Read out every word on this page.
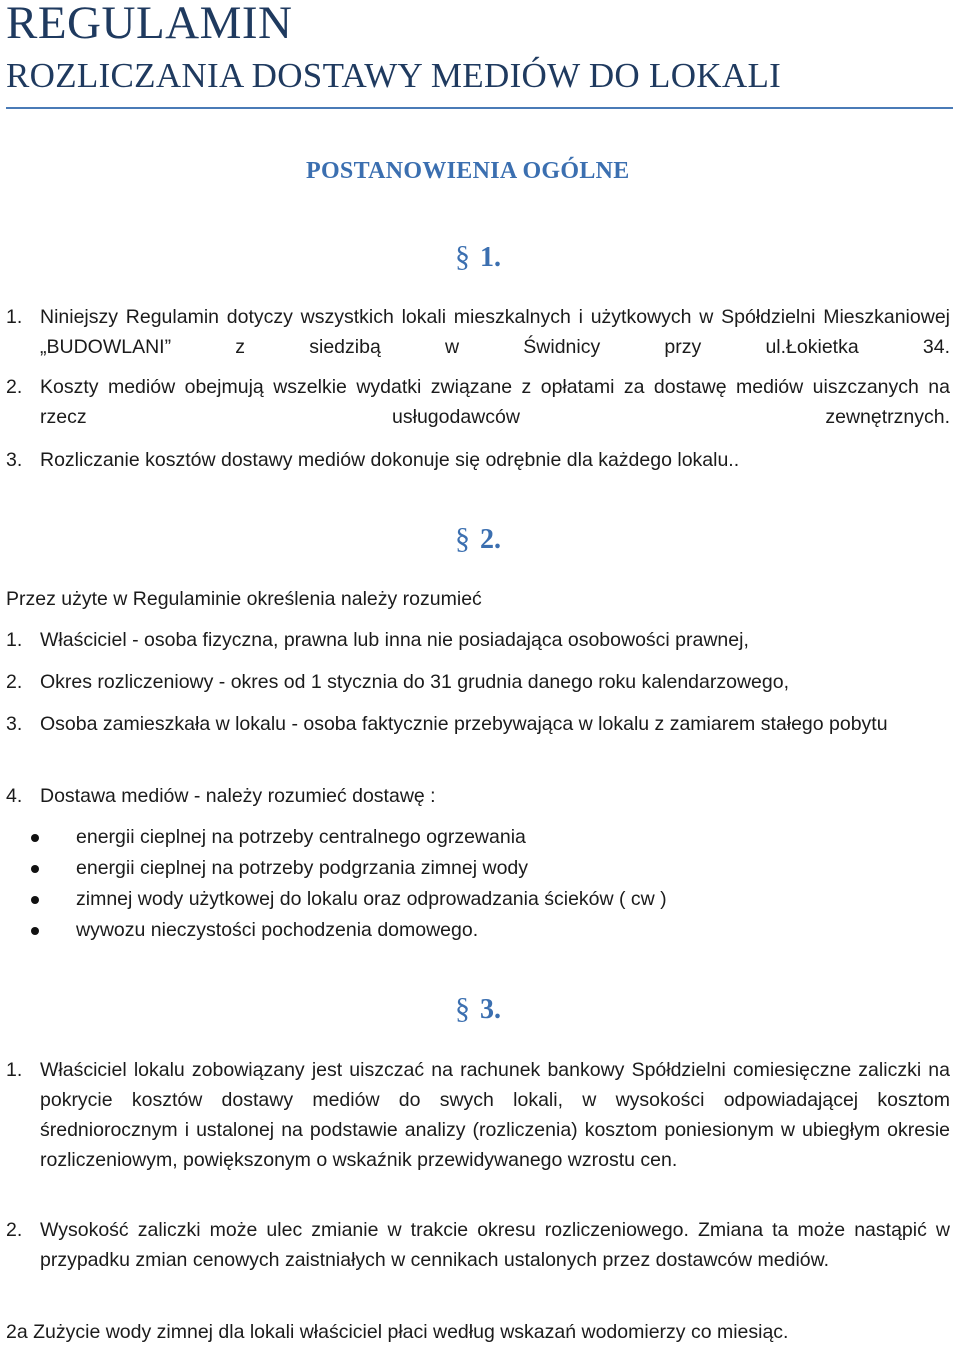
REGULAMIN
ROZLICZANIA DOSTAWY MEDIÓW DO LOKALI
POSTANOWIENIA OGÓLNE
§ 1.
1. Niniejszy Regulamin dotyczy wszystkich lokali mieszkalnych i użytkowych w Spółdzielni Mieszkaniowej „BUDOWLANI” z siedzibą w Świdnicy przy ul.Łokietka 34.
2. Koszty mediów obejmują wszelkie wydatki związane z opłatami za dostawę mediów uiszczanych na rzecz usługodawców zewnętrznych.
3. Rozliczanie kosztów dostawy mediów dokonuje się odrębnie dla każdego lokalu..
§ 2.
Przez użyte w Regulaminie określenia należy rozumieć
1. Właściciel - osoba fizyczna, prawna lub inna nie posiadająca osobowości prawnej,
2. Okres rozliczeniowy - okres od 1 stycznia do 31 grudnia danego roku kalendarzowego,
3. Osoba zamieszkała w lokalu - osoba faktycznie przebywająca w lokalu z zamiarem stałego pobytu
4. Dostawa mediów - należy rozumieć dostawę :
energii cieplnej na potrzeby centralnego ogrzewania
energii cieplnej na potrzeby podgrzania zimnej wody
zimnej wody użytkowej do lokalu oraz odprowadzania ścieków ( cw )
wywozu nieczystości pochodzenia domowego.
§ 3.
1. Właściciel lokalu zobowiązany jest uiszczać na rachunek bankowy Spółdzielni comiesięczne zaliczki na pokrycie kosztów dostawy mediów do swych lokali, w wysokości odpowiadającej kosztom średniorocznym i ustalonej na podstawie analizy (rozliczenia) kosztom poniesionym w ubiegłym okresie rozliczeniowym, powiększonym o wskaźnik przewidywanego wzrostu cen.
2. Wysokość zaliczki może ulec zmianie w trakcie okresu rozliczeniowego. Zmiana ta może nastąpić w przypadku zmian cenowych zaistniałych w cennikach ustalonych przez dostawców mediów.
2a Zużycie wody zimnej dla lokali właściciel płaci według wskazań wodomierzy co miesiąc.
